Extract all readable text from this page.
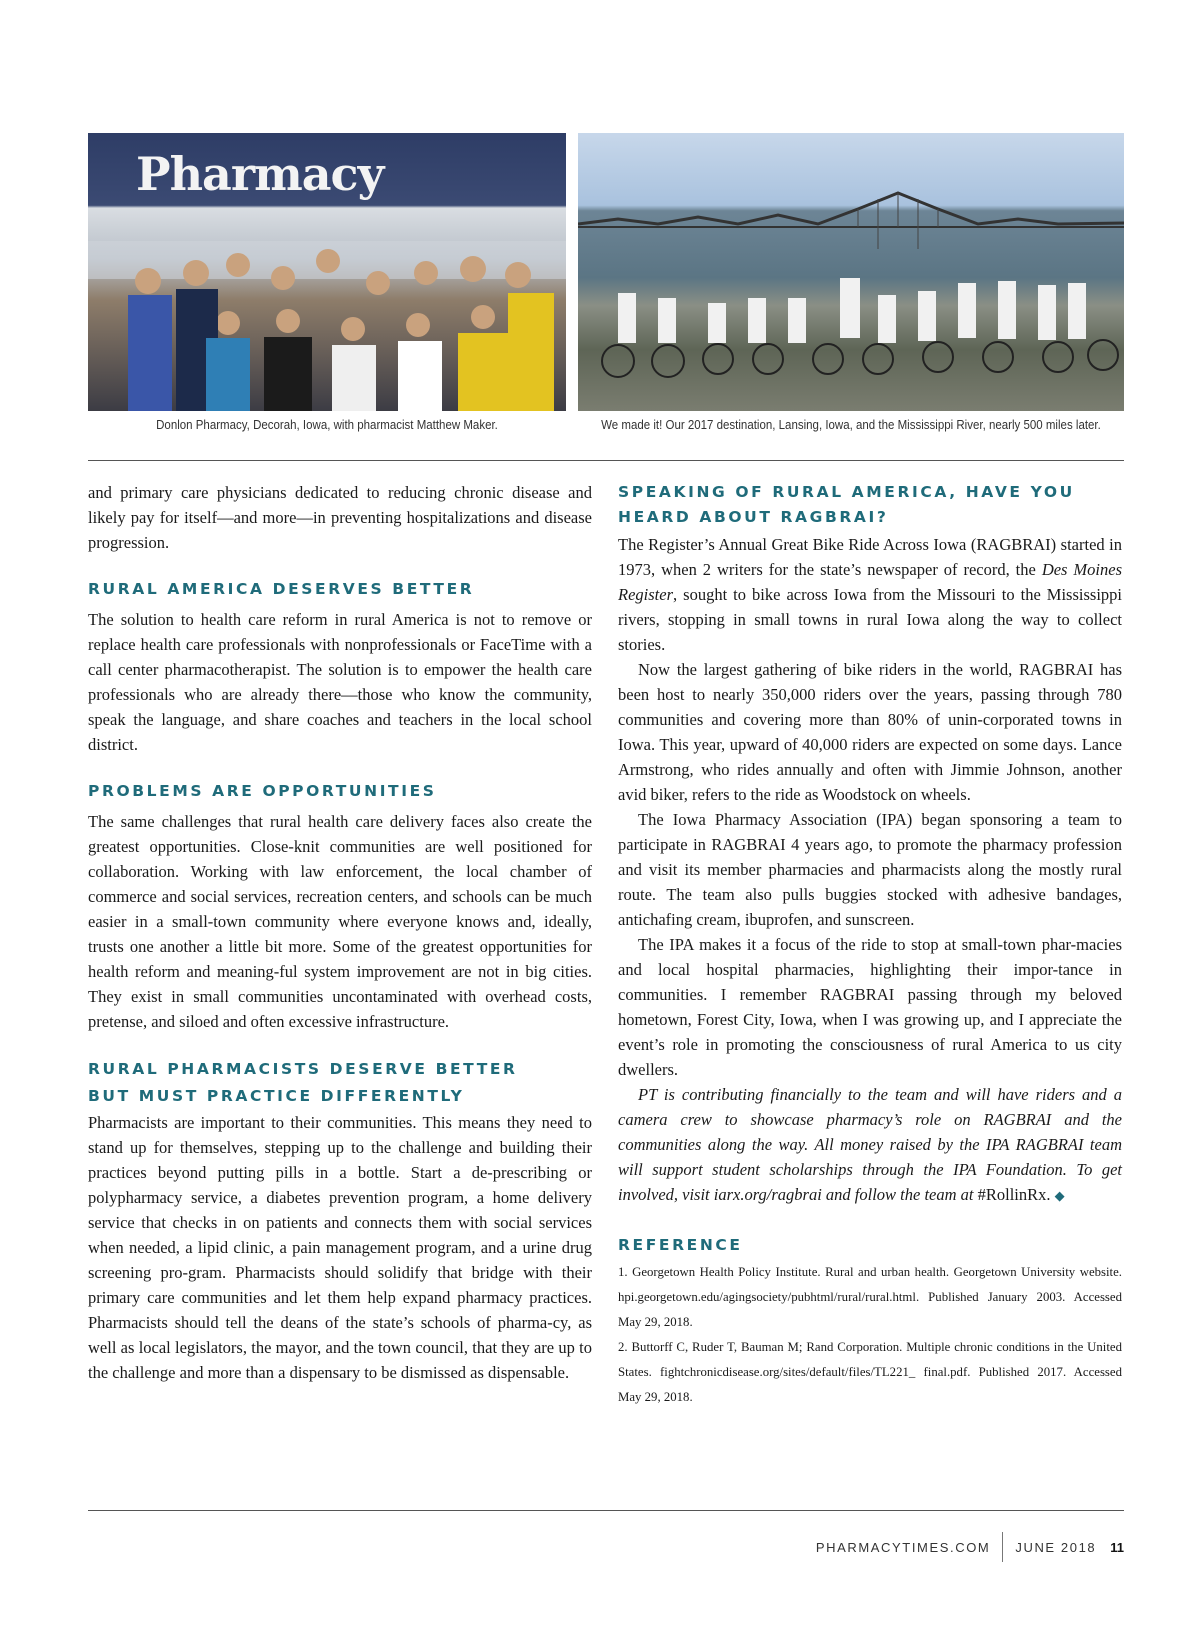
Pharmacy
Donlon Pharmacy, Decorah, Iowa, with pharmacist Matthew Maker.	We made it! Our 2017 destination, Lansing, Iowa, and the Mississippi River, nearly 500 miles later.

and primary care physicians dedicated to reducing chronic disease and likely pay for itself—and more—in preventing hospitalizations and disease progression.

RURAL AMERICA DESERVES BETTER

The solution to health care reform in rural America is not to remove or replace health care professionals with nonprofessionals or FaceTime with a call center pharmacotherapist. The solution is to empower the health care professionals who are already there—those who know the community, speak the language, and share coaches and teachers in the local school district.

PROBLEMS ARE OPPORTUNITIES

The same challenges that rural health care delivery faces also create the greatest opportunities. Close-knit communities are well positioned for collaboration. Working with law enforcement, the local chamber of commerce and social services, recreation centers, and schools can be much easier in a small-town community where everyone knows and, ideally, trusts one another a little bit more. Some of the greatest opportunities for health reform and meaning-ful system improvement are not in big cities. They exist in small communities uncontaminated with overhead costs, pretense, and siloed and often excessive infrastructure.

RURAL PHARMACISTS DESERVE BETTER
BUT MUST PRACTICE DIFFERENTLY

Pharmacists are important to their communities. This means they need to stand up for themselves, stepping up to the challenge and building their practices beyond putting pills in a bottle. Start a de-prescribing or polypharmacy service, a diabetes prevention program, a home delivery service that checks in on patients and connects them with social services when needed, a lipid clinic, a pain management program, and a urine drug screening pro-gram. Pharmacists should solidify that bridge with their primary care communities and let them help expand pharmacy practices. Pharmacists should tell the deans of the state’s schools of pharma-cy, as well as local legislators, the mayor, and the town council, that they are up to the challenge and more than a dispensary to be dismissed as dispensable.

SPEAKING OF RURAL AMERICA, HAVE YOU
HEARD ABOUT RAGBRAI?

The Register’s Annual Great Bike Ride Across Iowa (RAGBRAI) started in 1973, when 2 writers for the state’s newspaper of record, the Des Moines Register, sought to bike across Iowa from the Missouri to the Mississippi rivers, stopping in small towns in rural Iowa along the way to collect stories.

Now the largest gathering of bike riders in the world, RAGBRAI has been host to nearly 350,000 riders over the years, passing through 780 communities and covering more than 80% of unin-corporated towns in Iowa. This year, upward of 40,000 riders are expected on some days. Lance Armstrong, who rides annually and often with Jimmie Johnson, another avid biker, refers to the ride as Woodstock on wheels.

The Iowa Pharmacy Association (IPA) began sponsoring a team to participate in RAGBRAI 4 years ago, to promote the pharmacy profession and visit its member pharmacies and pharmacists along the mostly rural route. The team also pulls buggies stocked with adhesive bandages, antichafing cream, ibuprofen, and sunscreen.

The IPA makes it a focus of the ride to stop at small-town phar-macies and local hospital pharmacies, highlighting their impor-tance in communities. I remember RAGBRAI passing through my beloved hometown, Forest City, Iowa, when I was growing up, and I appreciate the event’s role in promoting the consciousness of rural America to us city dwellers.

PT is contributing financially to the team and will have riders and a camera crew to showcase pharmacy’s role on RAGBRAI and the communities along the way. All money raised by the IPA RAGBRAI team will support student scholarships through the IPA Foundation. To get involved, visit iarx.org/ragbrai and follow the team at #RollinRx. ◆

REFERENCE

1. Georgetown Health Policy Institute. Rural and urban health. Georgetown University website. hpi.georgetown.edu/agingsociety/pubhtml/rural/rural.html. Published January 2003. Accessed May 29, 2018.

2. Buttorff C, Ruder T, Bauman M; Rand Corporation. Multiple chronic conditions in the United States. fightchronicdisease.org/sites/default/files/TL221_ final.pdf. Published 2017. Accessed May 29, 2018.

PHARMACYTIMES.COM JUNE 2018 11
